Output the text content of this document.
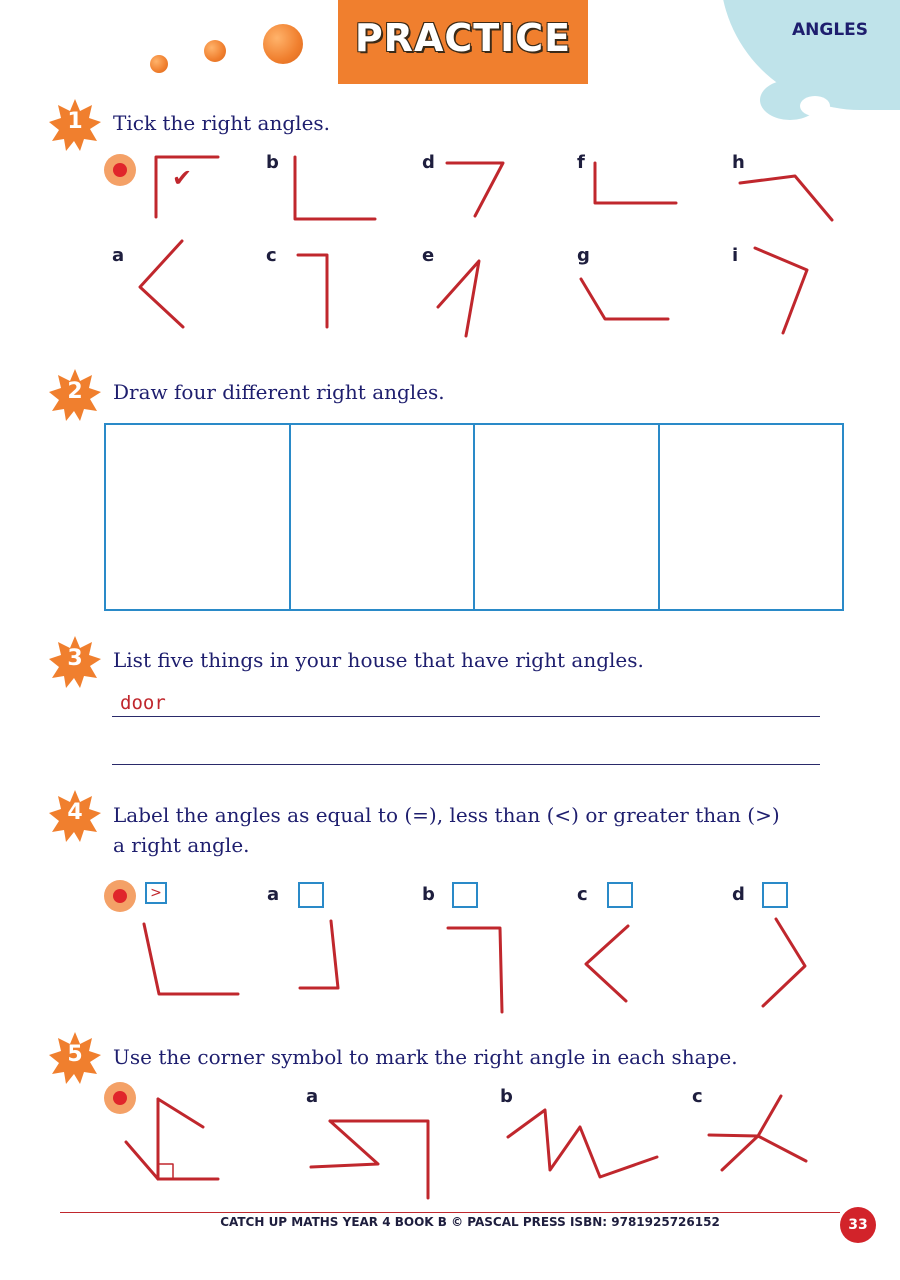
ANGLES
PRACTICE
1
2
3
4
5
Tick the right angles.
Draw four different right angles.
List five things in your house that have right angles.
Label the angles as equal to (=), less than (<) or greater than (>)
a right angle.
Use the corner symbol to mark the right angle in each shape.
b	d	f	h
a	c	e	g	i
✔
door
>	a	b	c	d
a	b	c
CATCH UP MATHS YEAR 4 BOOK B © PASCAL PRESS ISBN: 9781925726152	33
